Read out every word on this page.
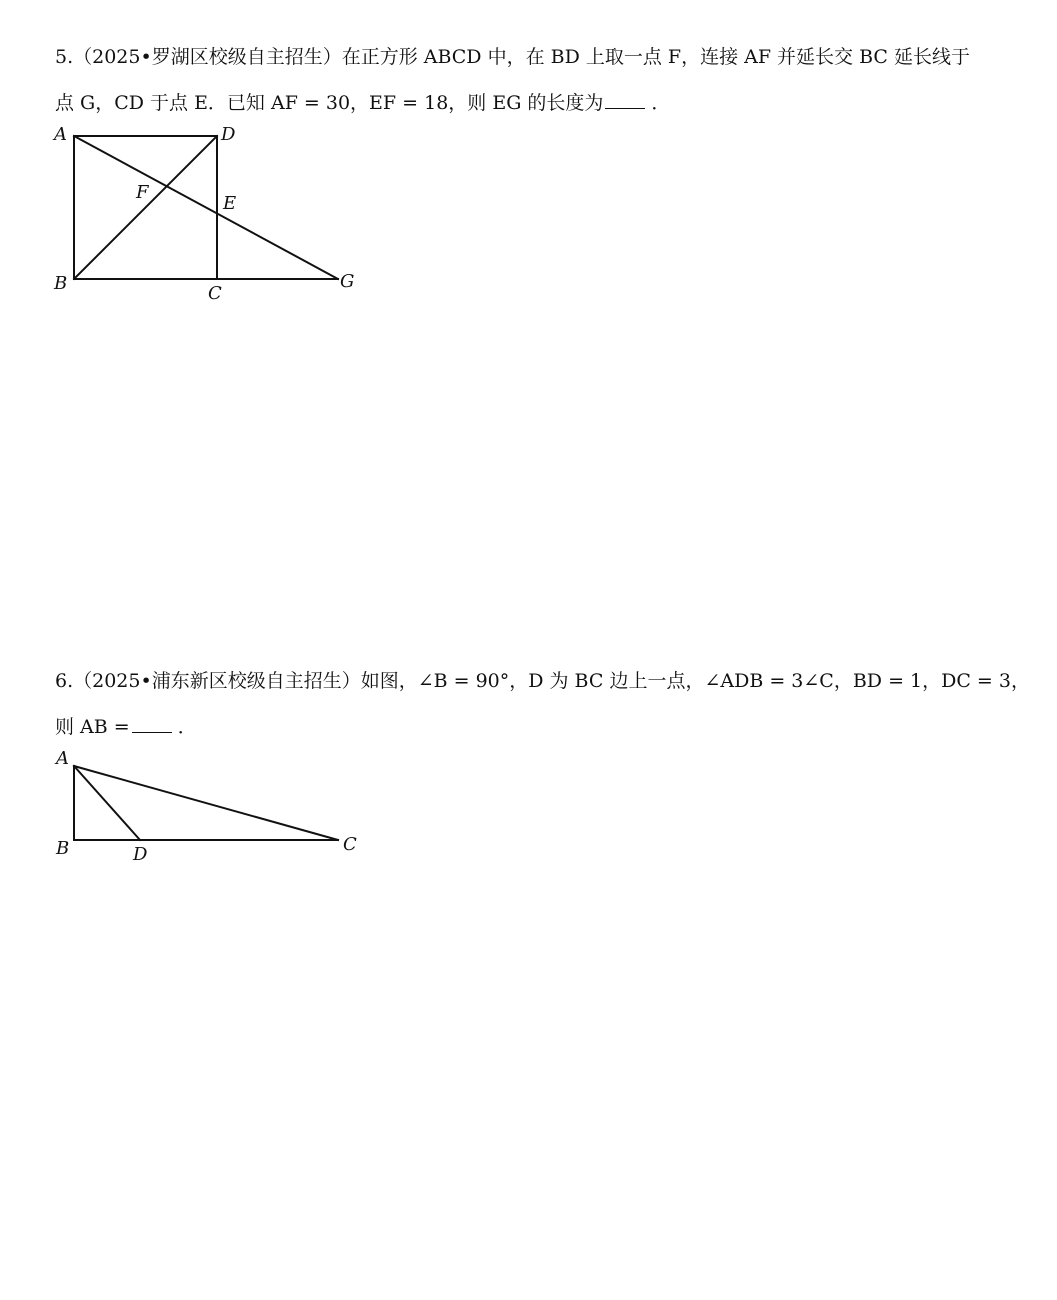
5.（2025•罗湖区校级自主招生）在正方形 ABCD 中，在 BD 上取一点 F，连接 AF 并延长交 BC 延长线于
点 G，CD 于点 E．已知 AF = 30，EF = 18，则 EG 的长度为	．
A	D
F
E
B	C
G
6.（2025•浦东新区校级自主招生）如图，∠B = 90°，D 为 BC 边上一点，∠ADB = 3∠C，BD = 1，DC = 3，
则 AB =	．
A
B	D	C
